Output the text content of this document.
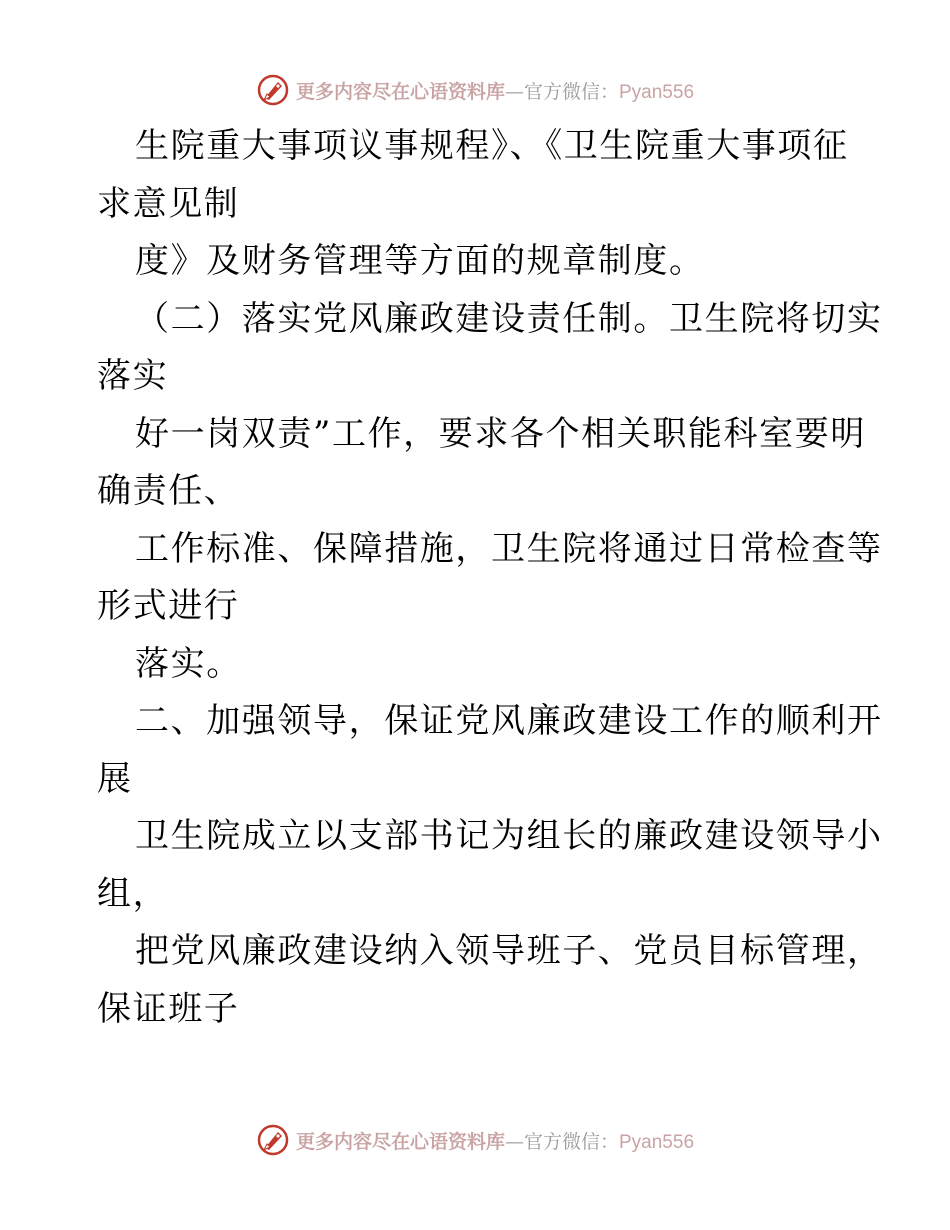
更多内容尽在心语资料库 — 官方微信： Pyan556
生院重大事项议事规程》、《卫生院重大事项征
求意见制
度》及财务管理等方面的规章制度。
（二）落实党风廉政建设责任制。卫生院将切实
落实
好一岗双责”工作，要求各个相关职能科室要明
确责任、
工作标准、保障措施，卫生院将通过日常检查等
形式进行
落实。
二、加强领导，保证党风廉政建设工作的顺利开
展
卫生院成立以支部书记为组长的廉政建设领导小
组，
把党风廉政建设纳入领导班子、党员目标管理，
保证班子
更多内容尽在心语资料库 — 官方微信： Pyan556
